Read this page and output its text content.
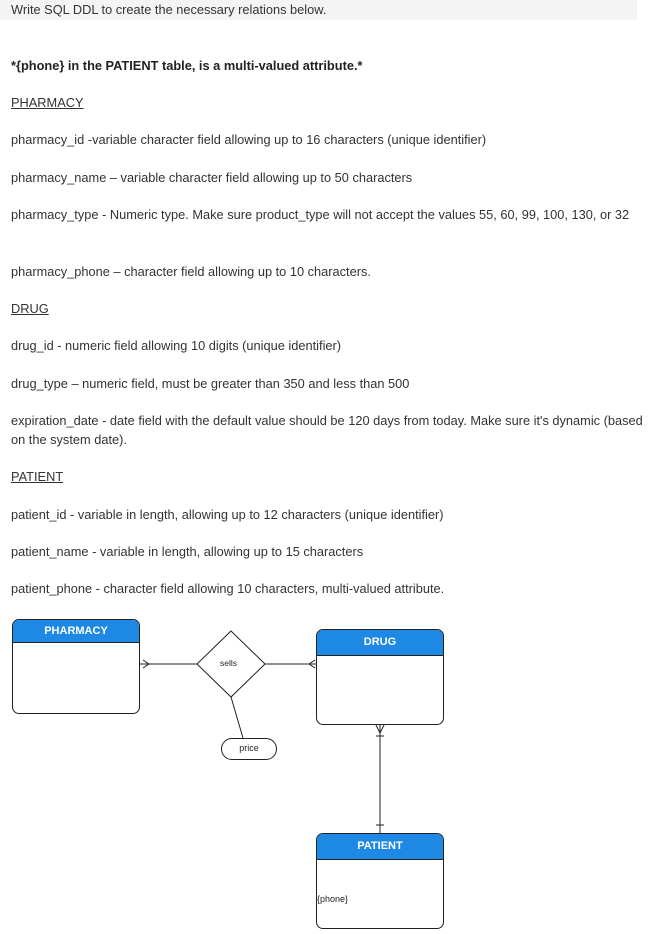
Write SQL DDL to create the necessary relations below.
*{phone} in the PATIENT table, is a multi-valued attribute.*
PHARMACY
pharmacy_id -variable character field allowing up to 16 characters (unique identifier)
pharmacy_name – variable character field allowing up to 50 characters
pharmacy_type - Numeric type. Make sure product_type will not accept the values 55, 60, 99, 100, 130, or 32
pharmacy_phone – character field allowing up to 10 characters.
DRUG
drug_id - numeric field allowing 10 digits (unique identifier)
drug_type – numeric field, must be greater than 350 and less than 500
expiration_date - date field with the default value should be 120 days from today. Make sure it's dynamic (based on the system date).
PATIENT
patient_id - variable in length, allowing up to 12 characters (unique identifier)
patient_name - variable in length, allowing up to 15 characters
patient_phone - character field allowing 10 characters, multi-valued attribute.
sells
price
PHARMACY
DRUG
PATIENT
{phone}
